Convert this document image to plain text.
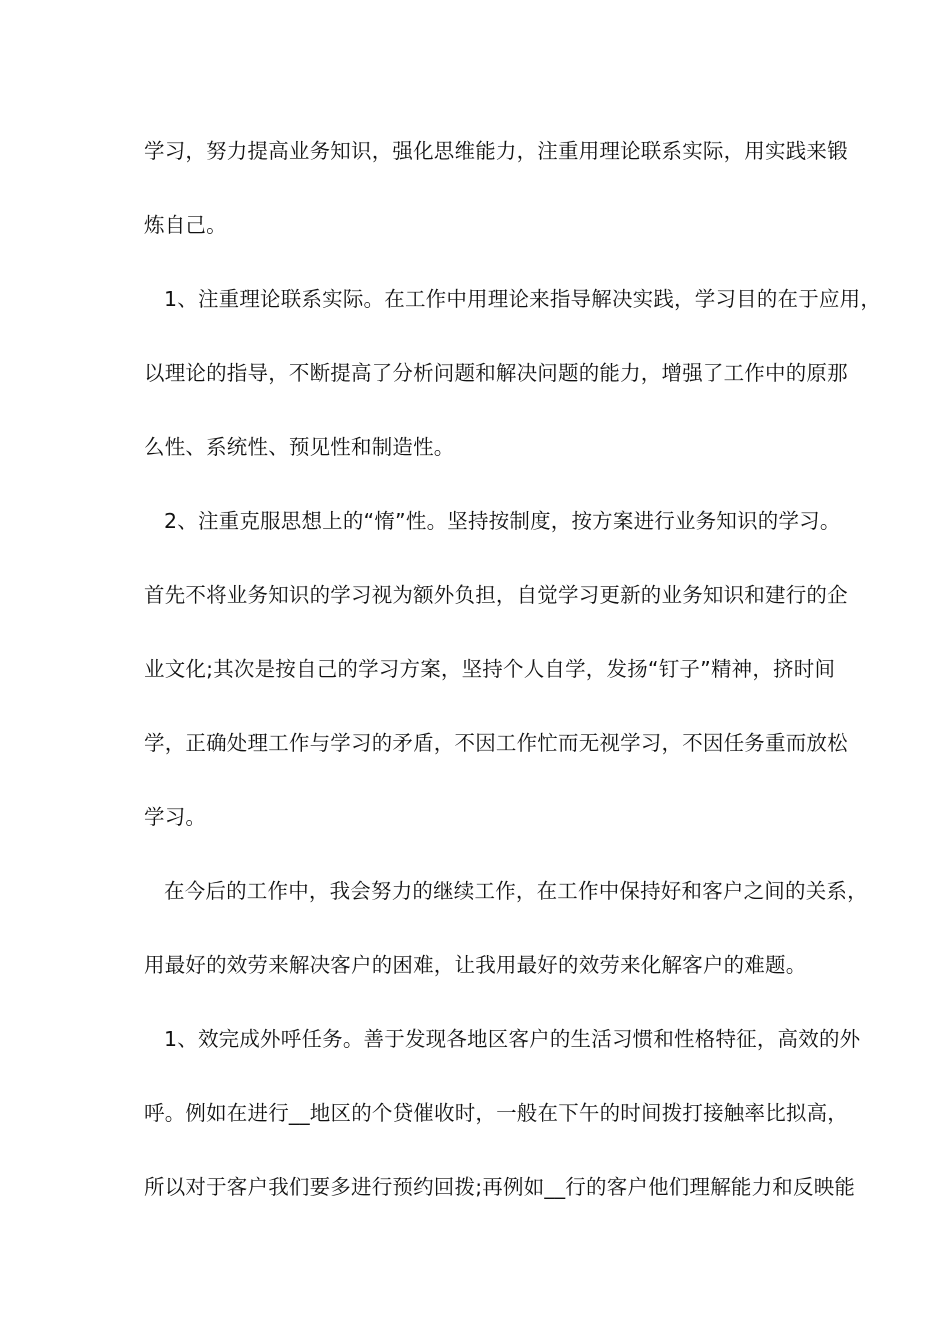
学习，努力提高业务知识，强化思维能力，注重用理论联系实际，用实践来锻
炼自己。
1、注重理论联系实际。在工作中用理论来指导解决实践，学习目的在于应用，
以理论的指导，不断提高了分析问题和解决问题的能力，增强了工作中的原那
么性、系统性、预见性和制造性。
2、注重克服思想上的“惰”性。坚持按制度，按方案进行业务知识的学习。
首先不将业务知识的学习视为额外负担，自觉学习更新的业务知识和建行的企
业文化;其次是按自己的学习方案，坚持个人自学，发扬“钉子”精神，挤时间
学，正确处理工作与学习的矛盾，不因工作忙而无视学习，不因任务重而放松
学习。
在今后的工作中，我会努力的继续工作，在工作中保持好和客户之间的关系，
用最好的效劳来解决客户的困难，让我用最好的效劳来化解客户的难题。
1、效完成外呼任务。善于发现各地区客户的生活习惯和性格特征，高效的外
呼。例如在进行__地区的个贷催收时，一般在下午的时间拨打接触率比拟高，
所以对于客户我们要多进行预约回拨;再例如__行的客户他们理解能力和反映能
